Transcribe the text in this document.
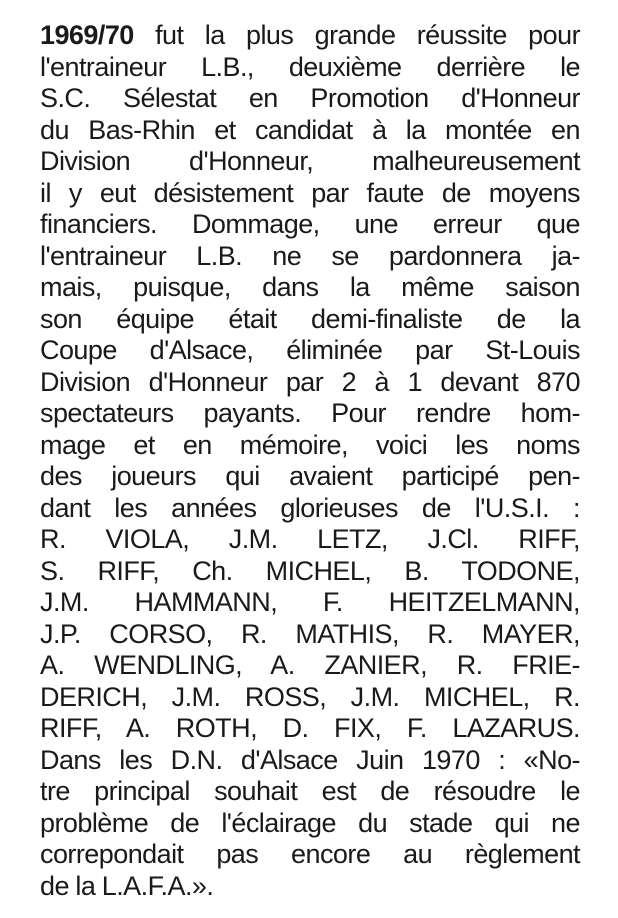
1969/70 fut la plus grande réussite pour
l'entraineur L.B., deuxième derrière le
S.C. Sélestat en Promotion d'Honneur
du Bas-Rhin et candidat à la montée en
Division d'Honneur, malheureusement
il y eut désistement par faute de moyens
financiers. Dommage, une erreur que
l'entraineur L.B. ne se pardonnera ja-
mais, puisque, dans la même saison
son équipe était demi-finaliste de la
Coupe d'Alsace, éliminée par St-Louis
Division d'Honneur par 2 à 1 devant 870
spectateurs payants. Pour rendre hom-
mage et en mémoire, voici les noms
des joueurs qui avaient participé pen-
dant les années glorieuses de l'U.S.I. :
R. VIOLA, J.M. LETZ, J.Cl. RIFF,
S. RIFF, Ch. MICHEL, B. TODONE,
J.M. HAMMANN, F. HEITZELMANN,
J.P. CORSO, R. MATHIS, R. MAYER,
A. WENDLING, A. ZANIER, R. FRIE-
DERICH, J.M. ROSS, J.M. MICHEL, R.
RIFF, A. ROTH, D. FIX, F. LAZARUS.
Dans les D.N. d'Alsace Juin 1970 : «No-
tre principal souhait est de résoudre le
problème de l'éclairage du stade qui ne
correpondait pas encore au règlement
de la L.A.F.A.».
